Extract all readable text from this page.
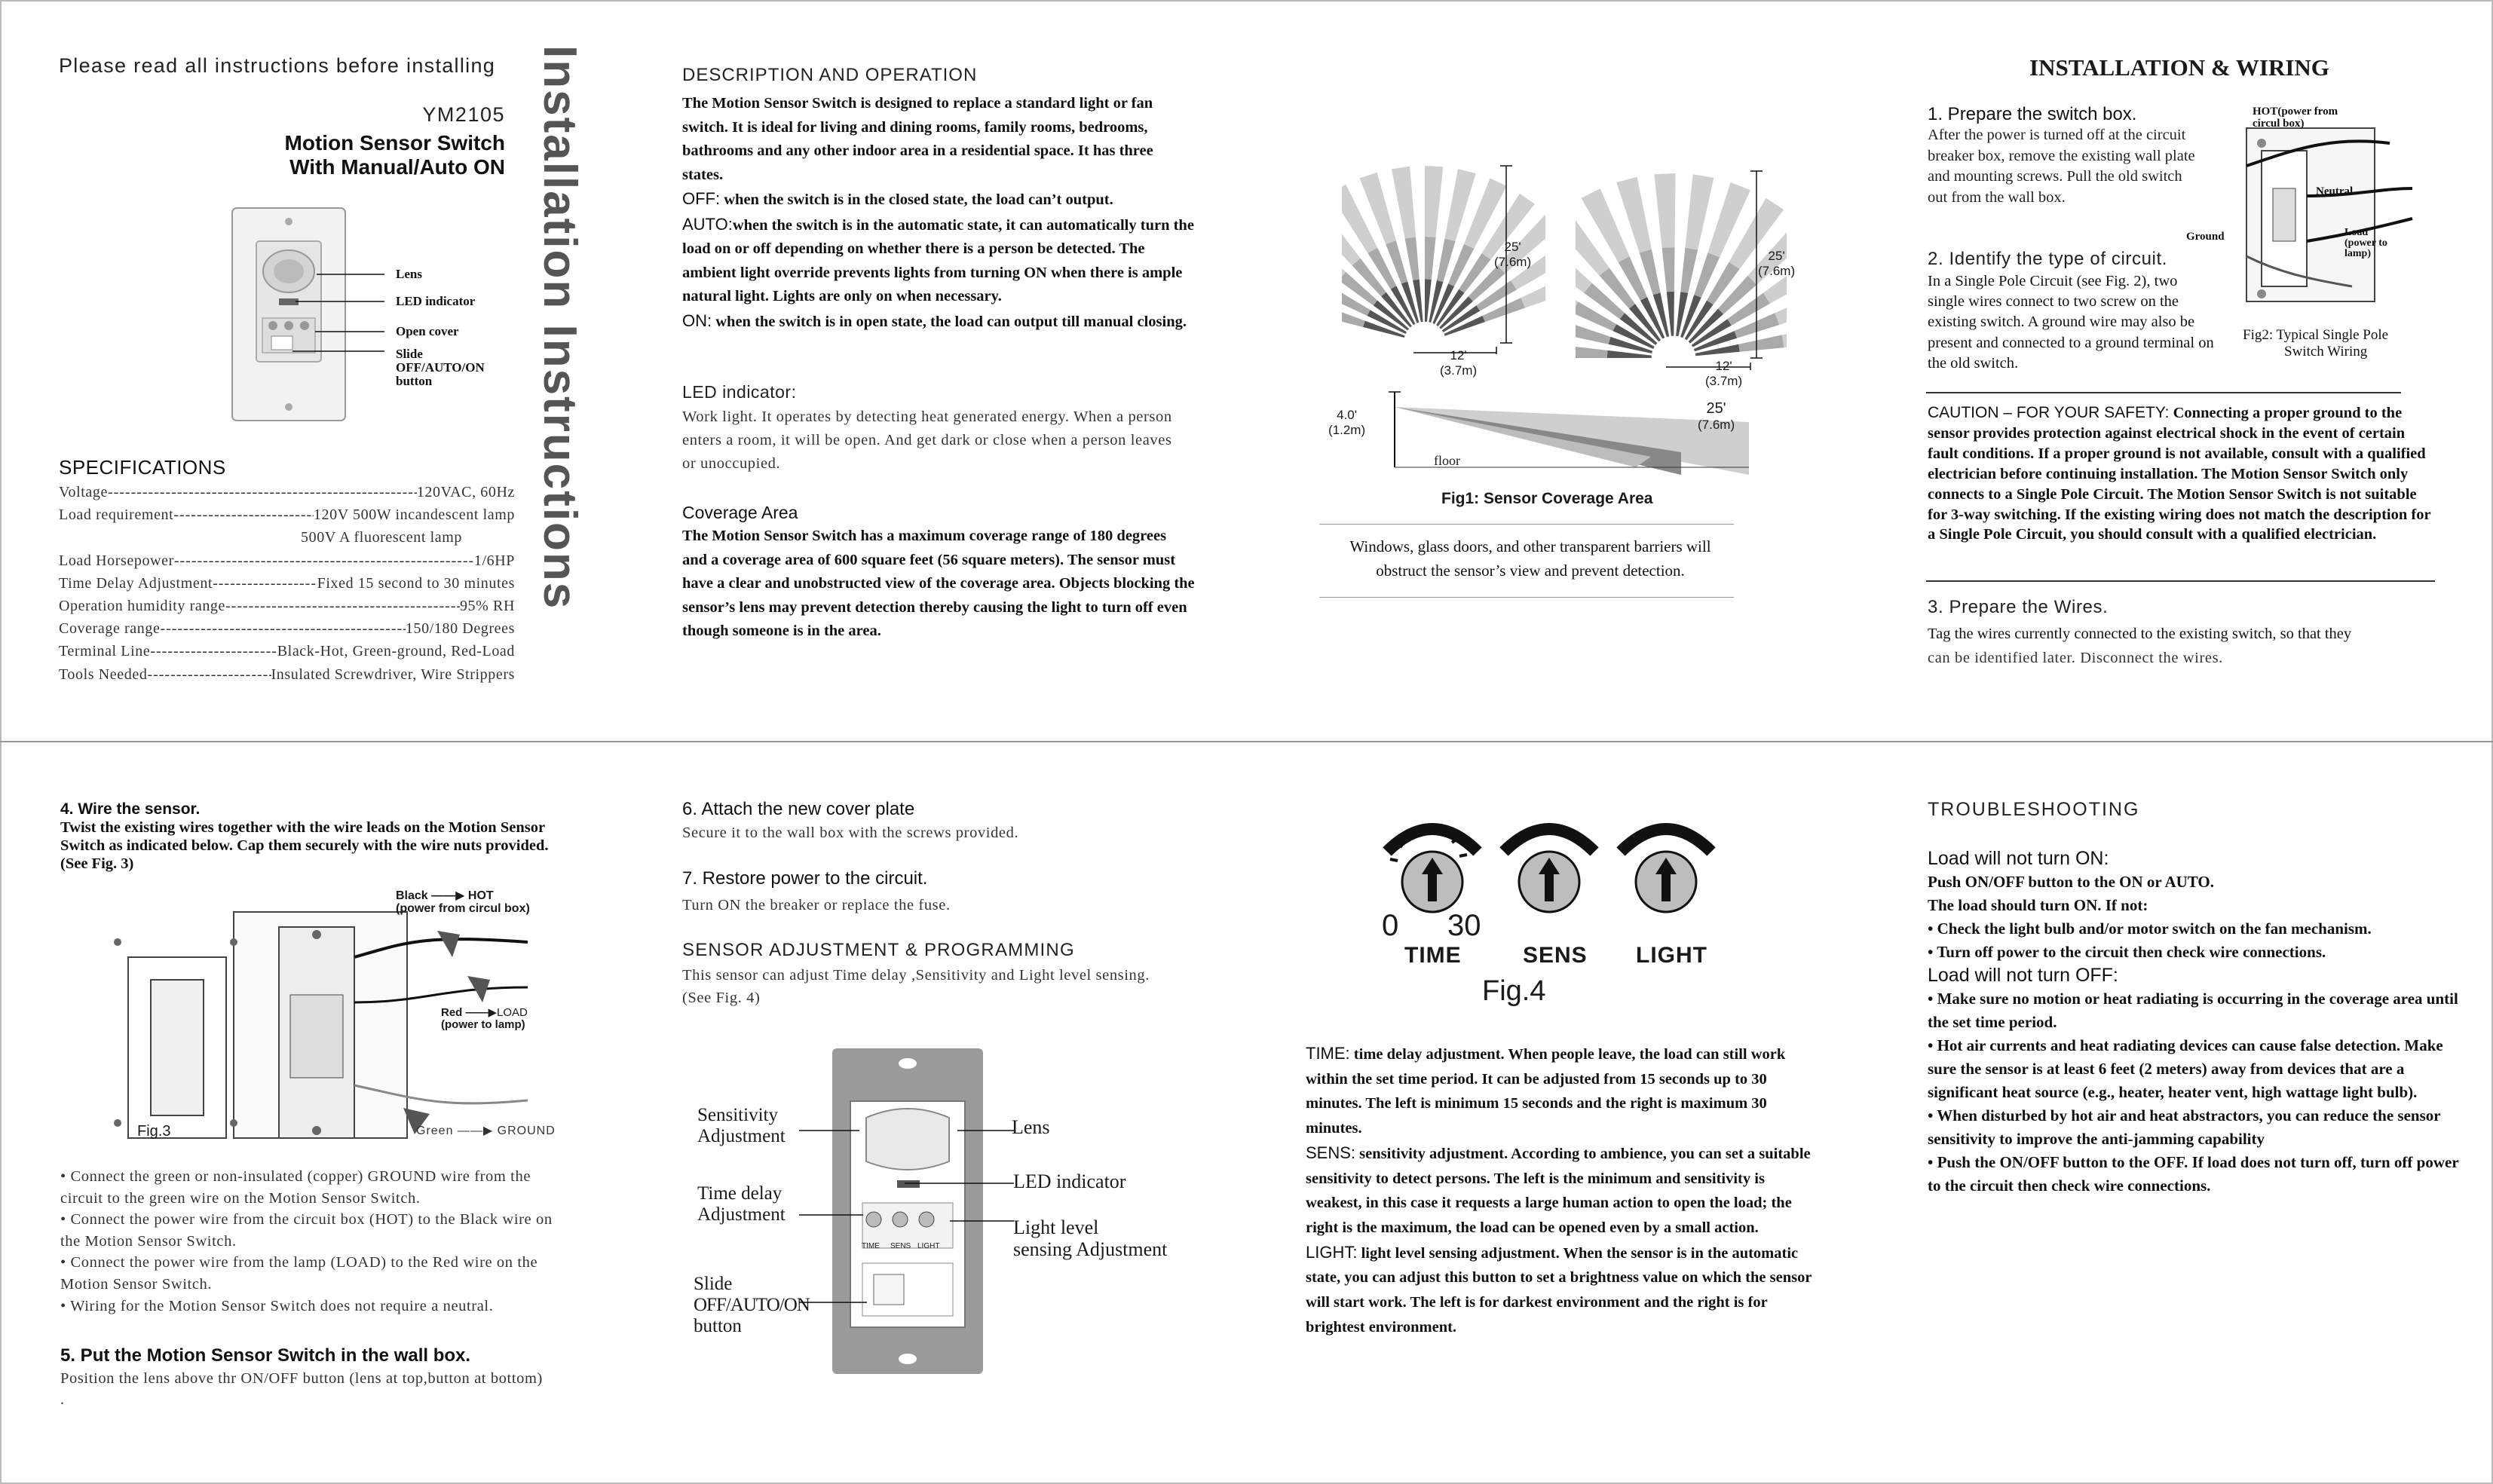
Please read all instructions before installing
YM2105
Motion Sensor Switch
With Manual/Auto ON Installation Instructions
Lens
LED indicator
Open cover
Slide
OFF/AUTO/ON
button
SPECIFICATIONS
Voltage -----	120VAC, 60Hz
Load requirement -----	120V 500W incandescent lamp
500V A fluorescent lamp
Load Horsepower -----	1/6HP
Time Delay Adjustment -----	Fixed 15 second to 30 minutes
Operation humidity range -----	95% RH
Coverage range -----	150/180 Degrees
Terminal Line -----	Black-Hot, Green-ground, Red-Load
Tools Needed -----	Insulated Screwdriver, Wire Strippers
DESCRIPTION AND OPERATION

The Motion Sensor Switch is designed to replace a standard light or fan switch. It is ideal for living and dining rooms, family rooms, bedrooms, bathrooms and any other indoor area in a residential space. It has three states.

OFF: when the switch is in the closed state, the load can’t output.

AUTO:when the switch is in the automatic state, it can automatically turn the load on or off depending on whether there is a person be detected. The ambient light override prevents lights from turning ON when there is ample natural light. Lights are only on when necessary.

ON: when the switch is in open state, the load can output till manual closing.

LED indicator:
Work light. It operates by detecting heat generated energy. When a person enters a room, it will be open. And get dark or close when a person leaves or unoccupied.
Coverage Area
The Motion Sensor Switch has a maximum coverage range of 180 degrees and a coverage area of 600 square feet (56 square meters). The sensor must have a clear and unobstructed view of the coverage area. Objects blocking the sensor’s lens may prevent detection thereby causing the light to turn off even though someone is in the area.
25'
(7.6m)
12'
(3.7m)
25'
(7.6m)
12'
(3.7m)
4.0'
(1.2m)
25'
(7.6m)
floor
Fig1: Sensor Coverage Area
Windows, glass doors, and other transparent barriers will obstruct the sensor’s view and prevent detection.
INSTALLATION & WIRING
1. Prepare the switch box.
After the power is turned off at the circuit breaker box, remove the existing wall plate and mounting screws. Pull the old switch out from the wall box.
2. Identify the type of circuit.
In a Single Pole Circuit (see Fig. 2), two single wires connect to two screw on the existing switch. A ground wire may also be present and connected to a ground terminal on the old switch.
HOT(power from circul box)
Neutral
Ground	Load (power to lamp)
Fig2: Typical Single Pole
Switch Wiring
CAUTION – FOR YOUR SAFETY: Connecting a proper ground to the sensor provides protection against electrical shock in the event of certain fault conditions. If a proper ground is not available, consult with a qualified electrician before continuing installation. The Motion Sensor Switch only connects to a Single Pole Circuit. The Motion Sensor Switch is not suitable for 3-way switching. If the existing wiring does not match the description for a Single Pole Circuit, you should consult with a qualified electrician.
3. Prepare the Wires.
Tag the wires currently connected to the existing switch, so that they
can be identified later. Disconnect the wires.
4. Wire the sensor.
Twist the existing wires together with the wire leads on the Motion Sensor Switch as indicated below. Cap them securely with the wire nuts provided. (See Fig. 3)
Black ——▶ HOT
(power from circul box)
Red ——▶LOAD
(power to lamp)
Green ——▶ GROUND
Fig.3

• Connect the green or non-insulated (copper) GROUND wire from the circuit to the green wire on the Motion Sensor Switch.

• Connect the power wire from the circuit box (HOT) to the Black wire on the Motion Sensor Switch.

• Connect the power wire from the lamp (LOAD) to the Red wire on the Motion Sensor Switch.

• Wiring for the Motion Sensor Switch does not require a neutral.

5. Put the Motion Sensor Switch in the wall box.
Position the lens above thr ON/OFF button (lens at top,button at bottom) .
6. Attach the new cover plate
Secure it to the wall box with the screws provided.
7. Restore power to the circuit.
Turn ON the breaker or replace the fuse.
SENSOR ADJUSTMENT & PROGRAMMING
This sensor can adjust Time delay ,Sensitivity and Light level sensing. (See Fig. 4)
TIME SENS LIGHT
Sensitivity
Adjustment
Time delay
Adjustment
Slide
OFF/AUTO/ON
button
Lens
LED indicator
Light level
sensing Adjustment
0 30
TIME	SENS LIGHT
Fig.4

TIME: time delay adjustment. When people leave, the load can still work within the set time period. It can be adjusted from 15 seconds up to 30 minutes. The left is minimum 15 seconds and the right is maximum 30 minutes.

SENS: sensitivity adjustment. According to ambience, you can set a suitable sensitivity to detect persons. The left is the minimum and sensitivity is weakest, in this case it requests a large human action to open the load; the right is the maximum, the load can be opened even by a small action.

LIGHT: light level sensing adjustment. When the sensor is in the automatic state, you can adjust this button to set a brightness value on which the sensor will start work. The left is for darkest environment and the right is for brightest environment.

TROUBLESHOOTING

Load will not turn ON:

Push ON/OFF button to the ON or AUTO.

The load should turn ON. If not:

• Check the light bulb and/or motor switch on the fan mechanism.

• Turn off power to the circuit then check wire connections.

Load will not turn OFF:

• Make sure no motion or heat radiating is occurring in the coverage area until the set time period.

• Hot air currents and heat radiating devices can cause false detection. Make sure the sensor is at least 6 feet (2 meters) away from devices that are a significant heat source (e.g., heater, heater vent, high wattage light bulb).

• When disturbed by hot air and heat abstractors, you can reduce the sensor sensitivity to improve the anti-jamming capability

• Push the ON/OFF button to the OFF. If load does not turn off, turn off power to the circuit then check wire connections.
